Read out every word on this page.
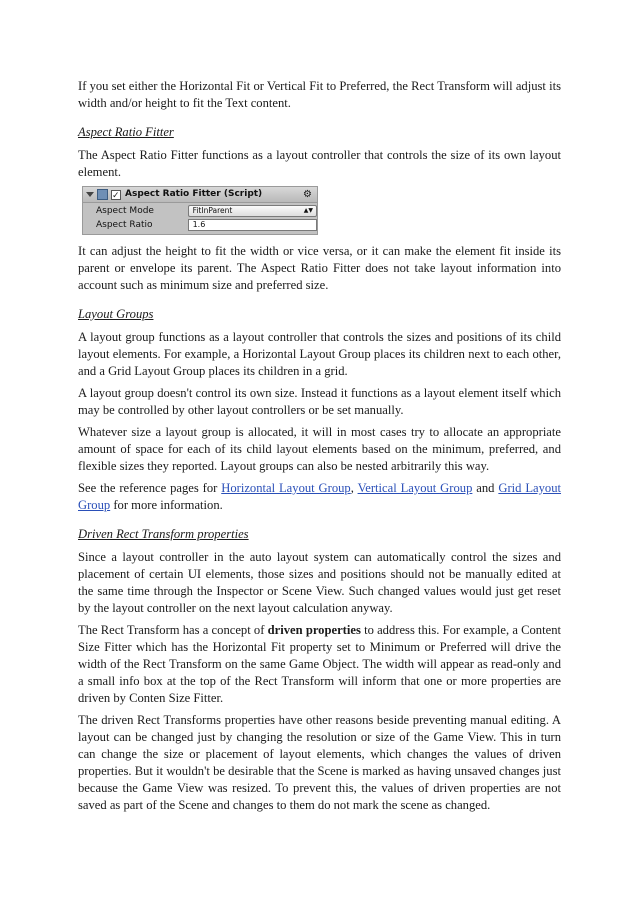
If you set either the Horizontal Fit or Vertical Fit to Preferred, the Rect Transform will adjust its width and/or height to fit the Text content.

Aspect Ratio Fitter

The Aspect Ratio Fitter functions as a layout controller that controls the size of its own layout element.

✓
Aspect Ratio Fitter (Script)	⚙
Aspect Mode	FitInParent	▲▼
Aspect Ratio	1.6

It can adjust the height to fit the width or vice versa, or it can make the element fit inside its parent or envelope its parent. The Aspect Ratio Fitter does not take layout information into account such as minimum size and preferred size.

Layout Groups

A layout group functions as a layout controller that controls the sizes and positions of its child layout elements. For example, a Horizontal Layout Group places its children next to each other, and a Grid Layout Group places its children in a grid.

A layout group doesn't control its own size. Instead it functions as a layout element itself which may be controlled by other layout controllers or be set manually.

Whatever size a layout group is allocated, it will in most cases try to allocate an appropriate amount of space for each of its child layout elements based on the minimum, preferred, and flexible sizes they reported. Layout groups can also be nested arbitrarily this way.

See the reference pages for Horizontal Layout Group, Vertical Layout Group and Grid Layout Group for more information.

Driven Rect Transform properties

Since a layout controller in the auto layout system can automatically control the sizes and placement of certain UI elements, those sizes and positions should not be manually edited at the same time through the Inspector or Scene View. Such changed values would just get reset by the layout controller on the next layout calculation anyway.

The Rect Transform has a concept of driven properties to address this. For example, a Content Size Fitter which has the Horizontal Fit property set to Minimum or Preferred will drive the width of the Rect Transform on the same Game Object. The width will appear as read-only and a small info box at the top of the Rect Transform will inform that one or more properties are driven by Conten Size Fitter.

The driven Rect Transforms properties have other reasons beside preventing manual editing. A layout can be changed just by changing the resolution or size of the Game View. This in turn can change the size or placement of layout elements, which changes the values of driven properties. But it wouldn't be desirable that the Scene is marked as having unsaved changes just because the Game View was resized. To prevent this, the values of driven properties are not saved as part of the Scene and changes to them do not mark the scene as changed.
